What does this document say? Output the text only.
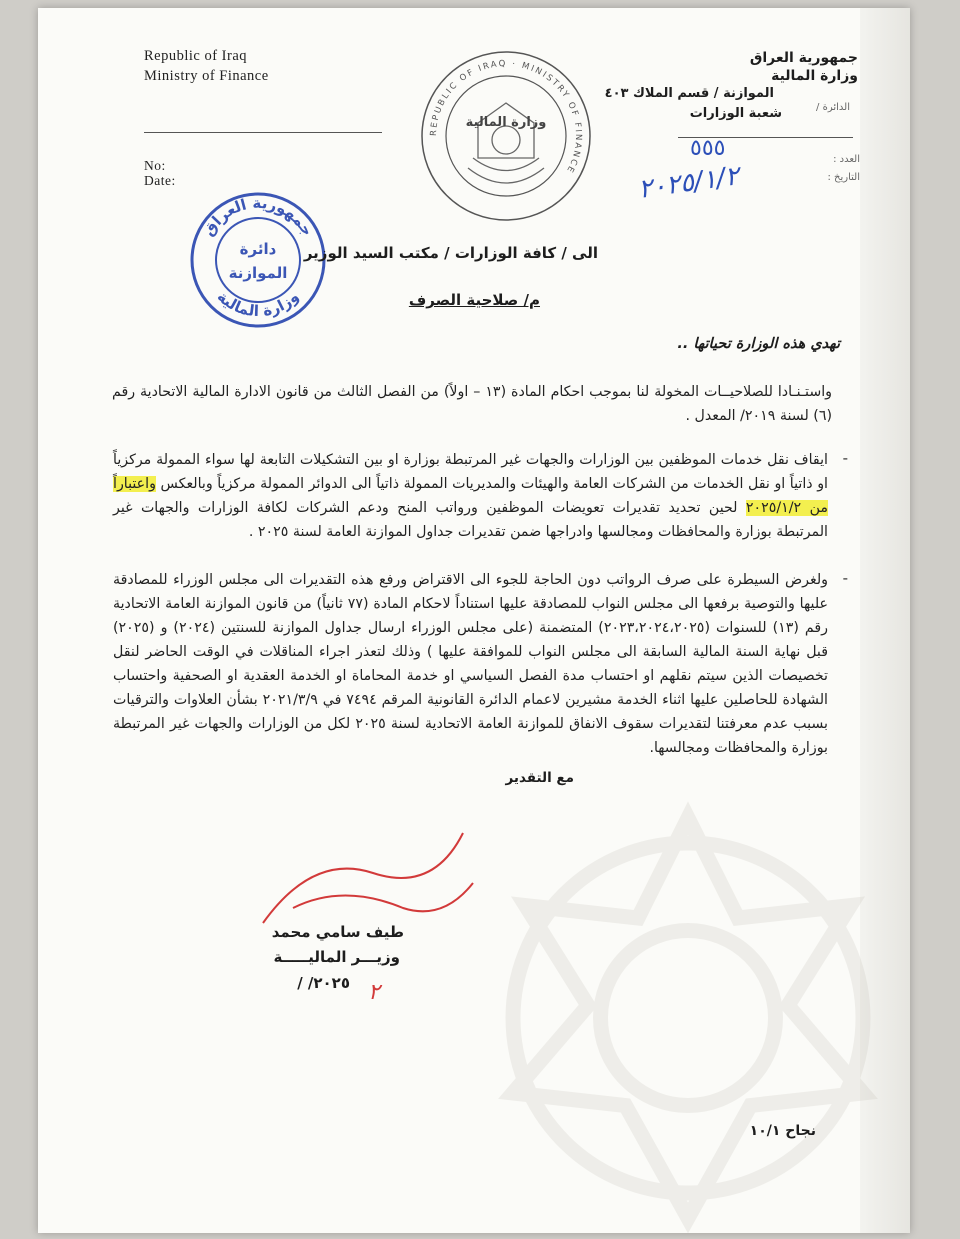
Republic of Iraq
Ministry of Finance
No:
Date:
جمهورية العراق
وزارة المالية
الموازنة / قسم الملاك ٤٠٣
الدائرة /
شعبة الوزارات
العدد :
التاريخ :
٥٥٥
٢٠٢٥/١/٢
REPUBLIC OF IRAQ · MINISTRY OF FINANCE
وزارة المالية
جمهورية العراق
وزارة المالية
دائرة
الموازنة
الى / كافة الوزارات / مكتب السيد الوزير
م/ صلاحية الصرف
تهدي هذه الوزارة تحياتها ..
واستـنـادا للصلاحيــات المخولة لنا بموجب احكام المادة (١٣ – اولاً) من الفصل الثالث من قانون الادارة المالية الاتحادية رقم (٦) لسنة ٢٠١٩/ المعدل .
-
ايقاف نقل خدمات الموظفين بين الوزارات والجهات غير المرتبطة بوزارة او بين التشكيلات التابعة لها سواء الممولة مركزياً او ذاتياً او نقل الخدمات من الشركات العامة والهيئات والمديريات الممولة ذاتياً الى الدوائر الممولة مركزياً وبالعكس واعتباراً من ٢٠٢٥/١/٢ لحين تحديد تقديرات تعويضات الموظفين ورواتب المنح ودعم الشركات لكافة الوزارات والجهات غير المرتبطة بوزارة والمحافظات ومجالسها وادراجها ضمن تقديرات جداول الموازنة العامة لسنة ٢٠٢٥ .
-
ولغرض السيطرة على صرف الرواتب دون الحاجة للجوء الى الاقتراض ورفع هذه التقديرات الى مجلس الوزراء للمصادقة عليها والتوصية برفعها الى مجلس النواب للمصادقة عليها استناداً لاحكام المادة (٧٧ ثانياً) من قانون الموازنة العامة الاتحادية رقم (١٣) للسنوات (٢٠٢٣،٢٠٢٤،٢٠٢٥) المتضمنة (على مجلس الوزراء ارسال جداول الموازنة للسنتين (٢٠٢٤) و (٢٠٢٥) قبل نهاية السنة المالية السابقة الى مجلس النواب للموافقة عليها ) وذلك لتعذر اجراء المناقلات في الوقت الحاضر لنقل تخصيصات الذين سيتم نقلهم او احتساب مدة الفصل السياسي او خدمة المحاماة او الخدمة العقدية او الصحفية واحتساب الشهادة للحاصلين عليها اثناء الخدمة مشيرين لاعمام الدائرة القانونية المرقم ٧٤٩٤ في ٢٠٢١/٣/٩ بشأن العلاوات والترقيات بسبب عدم معرفتنا لتقديرات سقوف الانفاق للموازنة العامة الاتحادية لسنة ٢٠٢٥ لكل من الوزارات والجهات غير المرتبطة بوزارة والمحافظات ومجالسها.
مع التقدير
طيف سامي محمد
وزيـــر الماليـــــة
٢٠٢٥/ / ٢
نجاح ١٠/١
